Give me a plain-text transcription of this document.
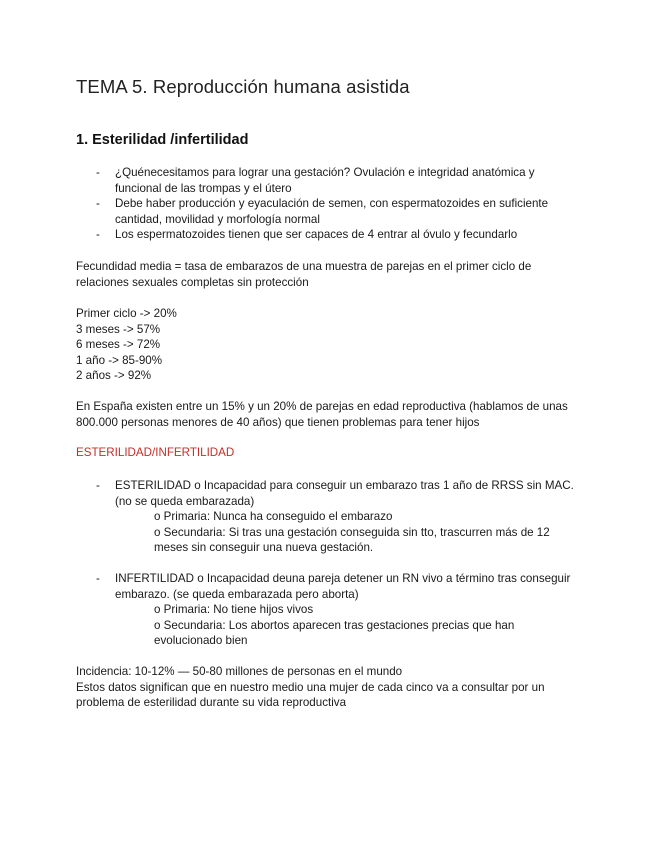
TEMA 5. Reproducción humana asistida
1. Esterilidad /infertilidad
- ¿Quénecesitamos para lograr una gestación? Ovulación e integridad anatómica y funcional de las trompas y el útero
- Debe haber producción y eyaculación de semen, con espermatozoides en suficiente cantidad, movilidad y morfología normal
- Los espermatozoides tienen que ser capaces de 4 entrar al óvulo y fecundarlo

Fecundidad media = tasa de embarazos de una muestra de parejas en el primer ciclo de relaciones sexuales completas sin protección

Primer ciclo -> 20%

3 meses -> 57%

6 meses -> 72%

1 año -> 85-90%

2 años -> 92%

En España existen entre un 15% y un 20% de parejas en edad reproductiva (hablamos de unas 800.000 personas menores de 40 años) que tienen problemas para tener hijos

ESTERILIDAD/INFERTILIDAD

- ESTERILIDAD o Incapacidad para conseguir un embarazo tras 1 año de RRSS sin MAC. (no se queda embarazada)

o Primaria: Nunca ha conseguido el embarazo

o Secundaria: Si tras una gestación conseguida sin tto, trascurren más de 12 meses sin conseguir una nueva gestación.

- INFERTILIDAD o Incapacidad deuna pareja detener un RN vivo a término tras conseguir embarazo. (se queda embarazada pero aborta)

o Primaria: No tiene hijos vivos

o Secundaria: Los abortos aparecen tras gestaciones precias que han evolucionado bien

Incidencia: 10-12% — 50-80 millones de personas en el mundo

Estos datos significan que en nuestro medio una mujer de cada cinco va a consultar por un problema de esterilidad durante su vida reproductiva
